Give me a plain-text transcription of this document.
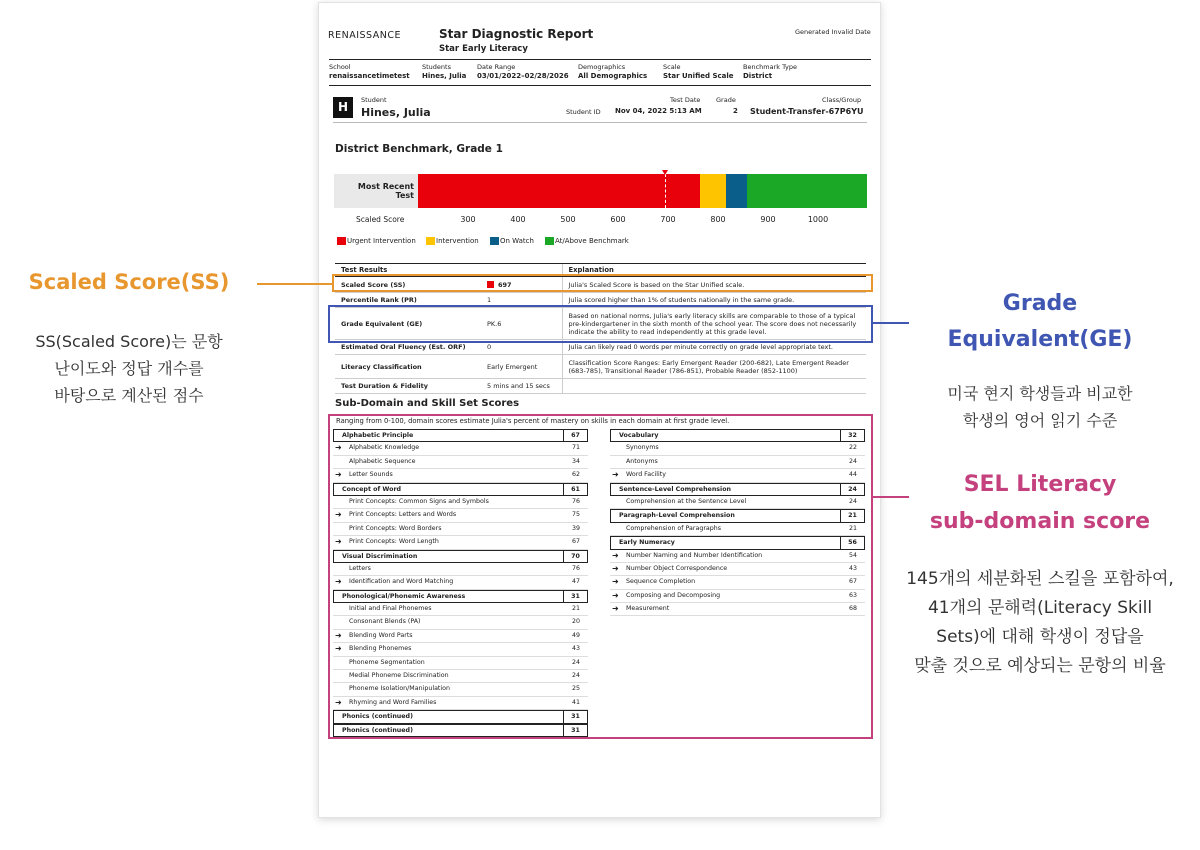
RENAISSANCE	Star Diagnostic Report
Star Early Literacy
Generated Invalid Date
School
renaissancetimetest
Students
Hines, Julia
Date Range
03/01/2022–02/28/2026
Demographics
All Demographics
Scale
Star Unified Scale
Benchmark Type
District
H	Student
Hines, Julia	Student ID
Test Date
Nov 04, 2022 5:13 AM
Grade
2
Class/Group
Student-Transfer-67P6YU
District Benchmark, Grade 1
Most Recent
Test
Scaled Score	300	400	500	600	700	800	900	1000
Urgent Intervention	Intervention	On Watch	At/Above Benchmark
Test Results		Explanation
Scaled Score (SS)	697	Julia's Scaled Score is based on the Star Unified scale.
Percentile Rank (PR)	1	Julia scored higher than 1% of students nationally in the same grade.
Grade Equivalent (GE)	PK.6	Based on national norms, Julia's early literacy skills are comparable to those of a typical pre-kindergartener in the sixth month of the school year. The score does not necessarily indicate the ability to read independently at this grade level.
Estimated Oral Fluency (Est. ORF)	0	Julia can likely read 0 words per minute correctly on grade level appropriate text.
Literacy Classification	Early Emergent	Classification Score Ranges: Early Emergent Reader (200-682), Late Emergent Reader (683-785), Transitional Reader (786-851), Probable Reader (852-1100)
Test Duration & Fidelity	5 mins and 15 secs	
Sub-Domain and Skill Set Scores
Ranging from 0-100, domain scores estimate Julia's percent of mastery on skills in each domain at first grade level.
Alphabetic Principle	67
➜ Alphabetic Knowledge	71
Alphabetic Sequence	34
➜ Letter Sounds	62
Concept of Word	61
Print Concepts: Common Signs and Symbols	76
➜ Print Concepts: Letters and Words	75
Print Concepts: Word Borders	39
➜ Print Concepts: Word Length	67
Visual Discrimination	70
Letters	76
➜ Identification and Word Matching	47
Phonological/Phonemic Awareness	31
Initial and Final Phonemes	21
Consonant Blends (PA)	20
➜ Blending Word Parts	49
➜ Blending Phonemes	43
Phoneme Segmentation	24
Medial Phoneme Discrimination	24
Phoneme Isolation/Manipulation	25
➜ Rhyming and Word Families	41
Phonics (continued)	31
Phonics (continued)	31
Vocabulary	32
Synonyms	22
Antonyms	24
➜ Word Facility	44
Sentence-Level Comprehension	24
Comprehension at the Sentence Level	24
Paragraph-Level Comprehension	21
Comprehension of Paragraphs	21
Early Numeracy	56
➜ Number Naming and Number Identification	54
➜ Number Object Correspondence	43
➜ Sequence Completion	67
➜ Composing and Decomposing	63
➜ Measurement	68
Scaled Score(SS)
SS(Scaled Score)는 문항
난이도와 정답 개수를
바탕으로 계산된 점수
Grade
Equivalent(GE)
미국 현지 학생들과 비교한
학생의 영어 읽기 수준
SEL Literacy
sub-domain score
145개의 세분화된 스킬을 포함하여,
41개의 문해력(Literacy Skill
Sets)에 대해 학생이 정답을
맞출 것으로 예상되는 문항의 비율
